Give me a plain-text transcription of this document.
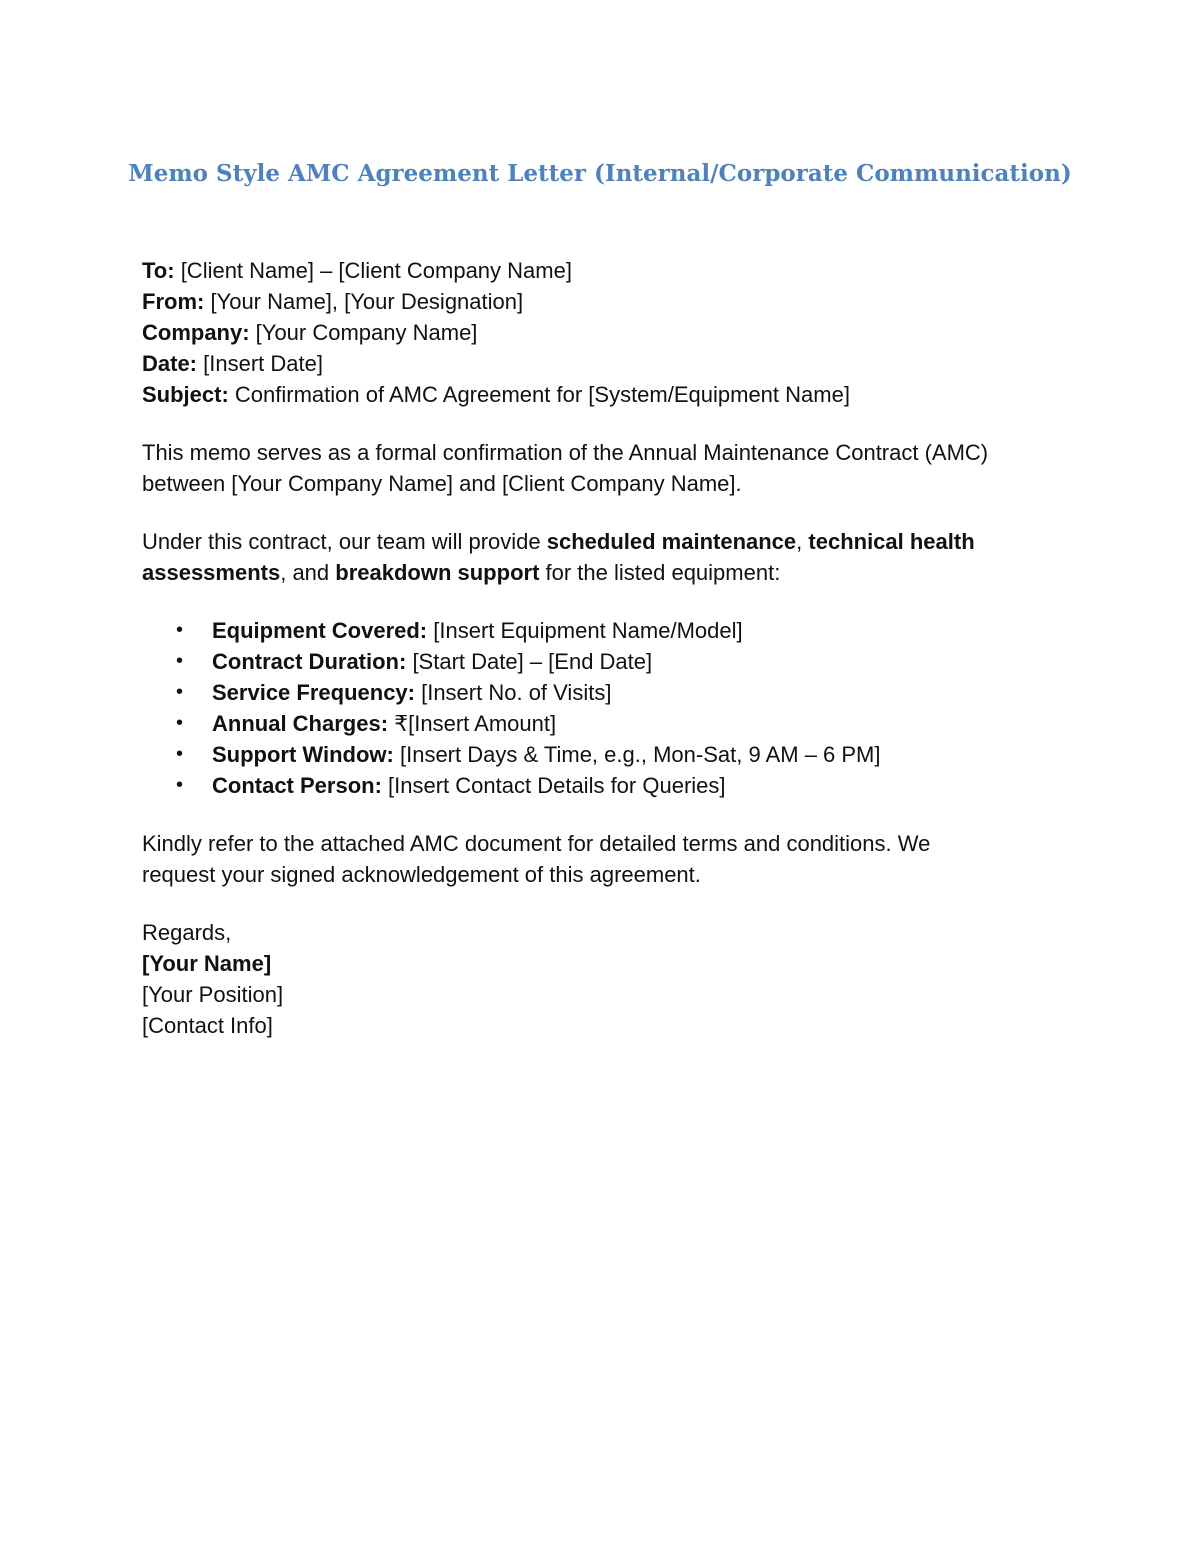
Memo Style AMC Agreement Letter (Internal/Corporate Communication)
To: [Client Name] – [Client Company Name]
From: [Your Name], [Your Designation]
Company: [Your Company Name]
Date: [Insert Date]
Subject: Confirmation of AMC Agreement for [System/Equipment Name]
This memo serves as a formal confirmation of the Annual Maintenance Contract (AMC)
between [Your Company Name] and [Client Company Name].
Under this contract, our team will provide scheduled maintenance, technical health
assessments, and breakdown support for the listed equipment:
• Equipment Covered: [Insert Equipment Name/Model]
• Contract Duration: [Start Date] – [End Date]
• Service Frequency: [Insert No. of Visits]
• Annual Charges: ₹[Insert Amount]
• Support Window: [Insert Days & Time, e.g., Mon-Sat, 9 AM – 6 PM]
• Contact Person: [Insert Contact Details for Queries]
Kindly refer to the attached AMC document for detailed terms and conditions. We
request your signed acknowledgement of this agreement.
Regards,
[Your Name]
[Your Position]
[Contact Info]
